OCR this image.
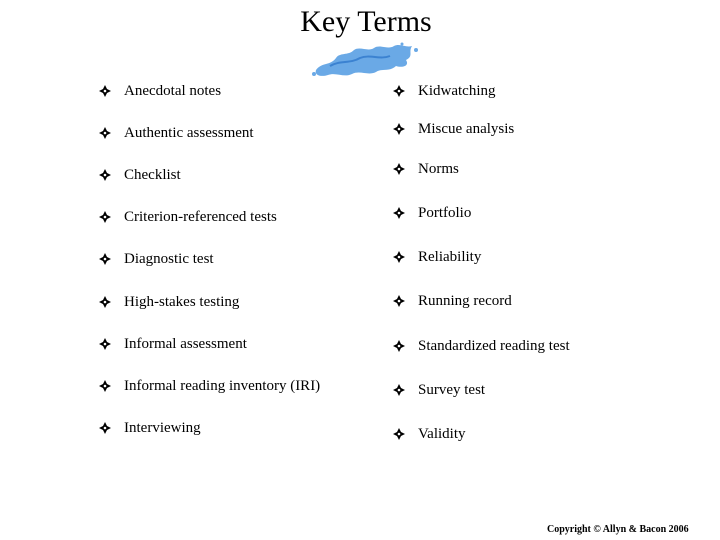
Key Terms
Anecdotal notes
Authentic assessment
Checklist
Criterion-referenced tests
Diagnostic test
High-stakes testing
Informal assessment
Informal reading inventory (IRI)
Interviewing
Kidwatching
Miscue analysis
Norms
Portfolio
Reliability
Running record
Standardized reading test
Survey test
Validity
Copyright © Allyn & Bacon 2006
